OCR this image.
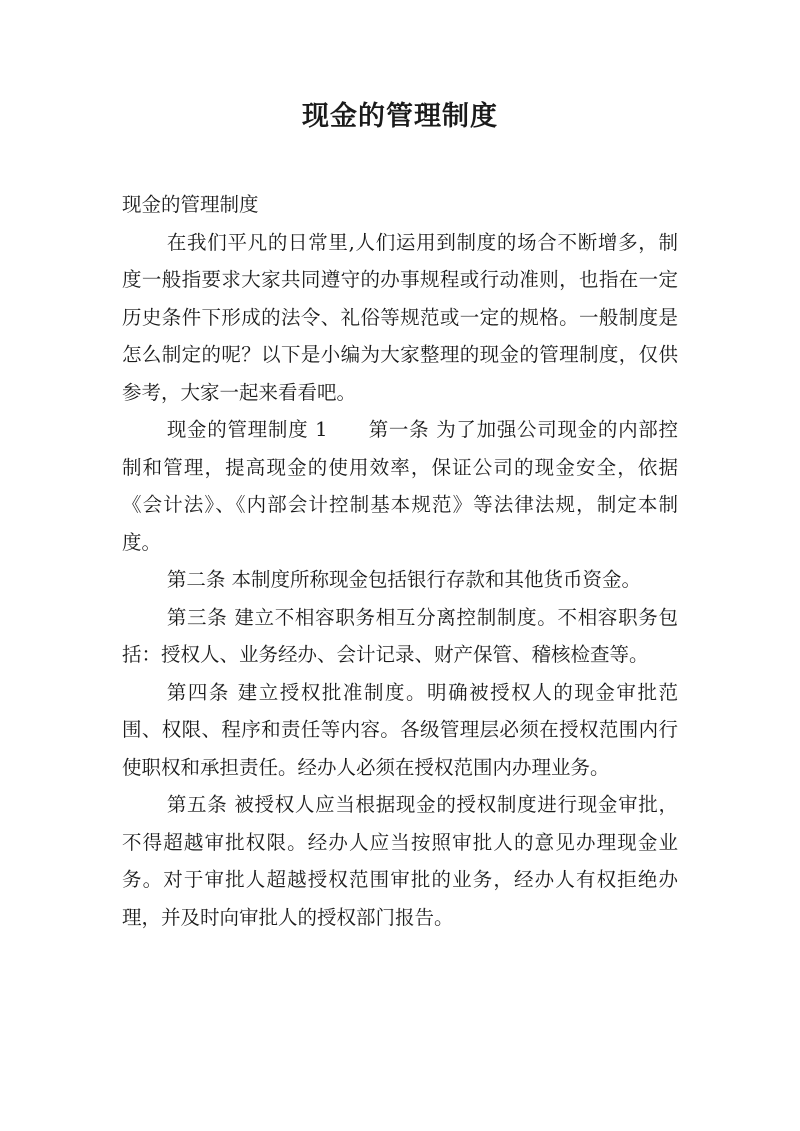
现金的管理制度

现金的管理制度

在我们平凡的日常里,人们运用到制度的场合不断增多，制度一般指要求大家共同遵守的办事规程或行动准则，也指在一定历史条件下形成的法令、礼俗等规范或一定的规格。一般制度是怎么制定的呢？以下是小编为大家整理的现金的管理制度，仅供参考，大家一起来看看吧。

现金的管理制度 1　　第一条 为了加强公司现金的内部控制和管理，提高现金的使用效率，保证公司的现金安全，依据《会计法》、《内部会计控制基本规范》等法律法规，制定本制度。

第二条 本制度所称现金包括银行存款和其他货币资金。

第三条 建立不相容职务相互分离控制制度。不相容职务包括：授权人、业务经办、会计记录、财产保管、稽核检查等。

第四条 建立授权批准制度。明确被授权人的现金审批范围、权限、程序和责任等内容。各级管理层必须在授权范围内行使职权和承担责任。经办人必须在授权范围内办理业务。

第五条 被授权人应当根据现金的授权制度进行现金审批，不得超越审批权限。经办人应当按照审批人的意见办理现金业务。对于审批人超越授权范围审批的业务，经办人有权拒绝办理，并及时向审批人的授权部门报告。
